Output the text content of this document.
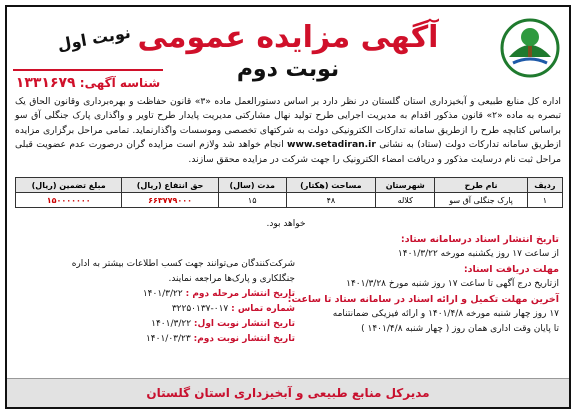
آگهی مزایده عمومی
نوبت دوم
نوبت اول
شناسه آگهی: ۱۳۳۱۶۷۹
اداره کل منابع طبیعی و آبخیزداری استان گلستان در نظر دارد بر اساس دستورالعمل ماده «۳» قانون حفاظت و بهره‌برداری وقانون الحاق یک تبصره به ماده «۲» قانون مذکور اقدام به مدیریت اجرایی طرح تولید نهال مشارکتی مدیریت پایدار طرح تاویر و واگذاری پارک جنگلی آق سو براساس کتابچه طرح را ازطریق سامانه تدارکات الکترونیکی دولت به شرکتهای تخصصی وموسسات واگذارنماید. تمامی مراحل برگزاری مزایده ازطریق سامانه تدارکات دولت (ستاد) به نشانی www.setadiran.ir انجام خواهد شد ولازم است مزایده گران درصورت عدم عضویت قبلی مراحل ثبت نام درسایت مذکور و دریافت امضاء الکترونیک را جهت شرکت در مزایده محقق سازند.
ردیف	نام طرح	شهرستان	مساحت (هکتار)	مدت (سال)	حق انتفاع (ریال)	مبلغ تضمین (ریال)
۱	پارک جنگلی آق سو	کلاله	۴۸	۱۵	۶۶۳۷۷۹۰۰۰	۱۵۰۰۰۰۰۰۰
خواهد بود.
تاریخ انتشار اسناد درسامانه ستاد:
از ساعت ۱۷ روز یکشنبه مورخه ۱۴۰۱/۳/۲۲
مهلت دریافت اسناد:
ازتاریخ درج آگهی تا ساعت ۱۷ روز شنبه مورخ ۱۴۰۱/۳/۲۸
آخرین مهلت تکمیل و ارائه اسناد در سامانه ستاد تا ساعت:
۱۷ روز چهار شنبه مورخه ۱۴۰۱/۴/۸ و ارائه فیزیکی ضمانتنامه
تا پایان وقت اداری همان روز ( چهار شنبه ۱۴۰۱/۴/۸ )
شرکت‌کنندگان می‌توانند جهت کسب اطلاعات بیشتر به اداره
جنگلکاری و پارک‌ها مراجعه نمایند.
تاریخ انتشار مرحله دوم : ۱۴۰۱/۳/۲۲
شماره تماس : ۰۱۷-۳۲۲۵۰۱۳۷
تاریخ انتشار نوبت اول: ۱۴۰۱/۳/۲۲
تاریخ انتشار نوبت دوم: ۱۴۰۱/۰۳/۲۳
مدیرکل منابع طبیعی و آبخیزداری استان گلستان
